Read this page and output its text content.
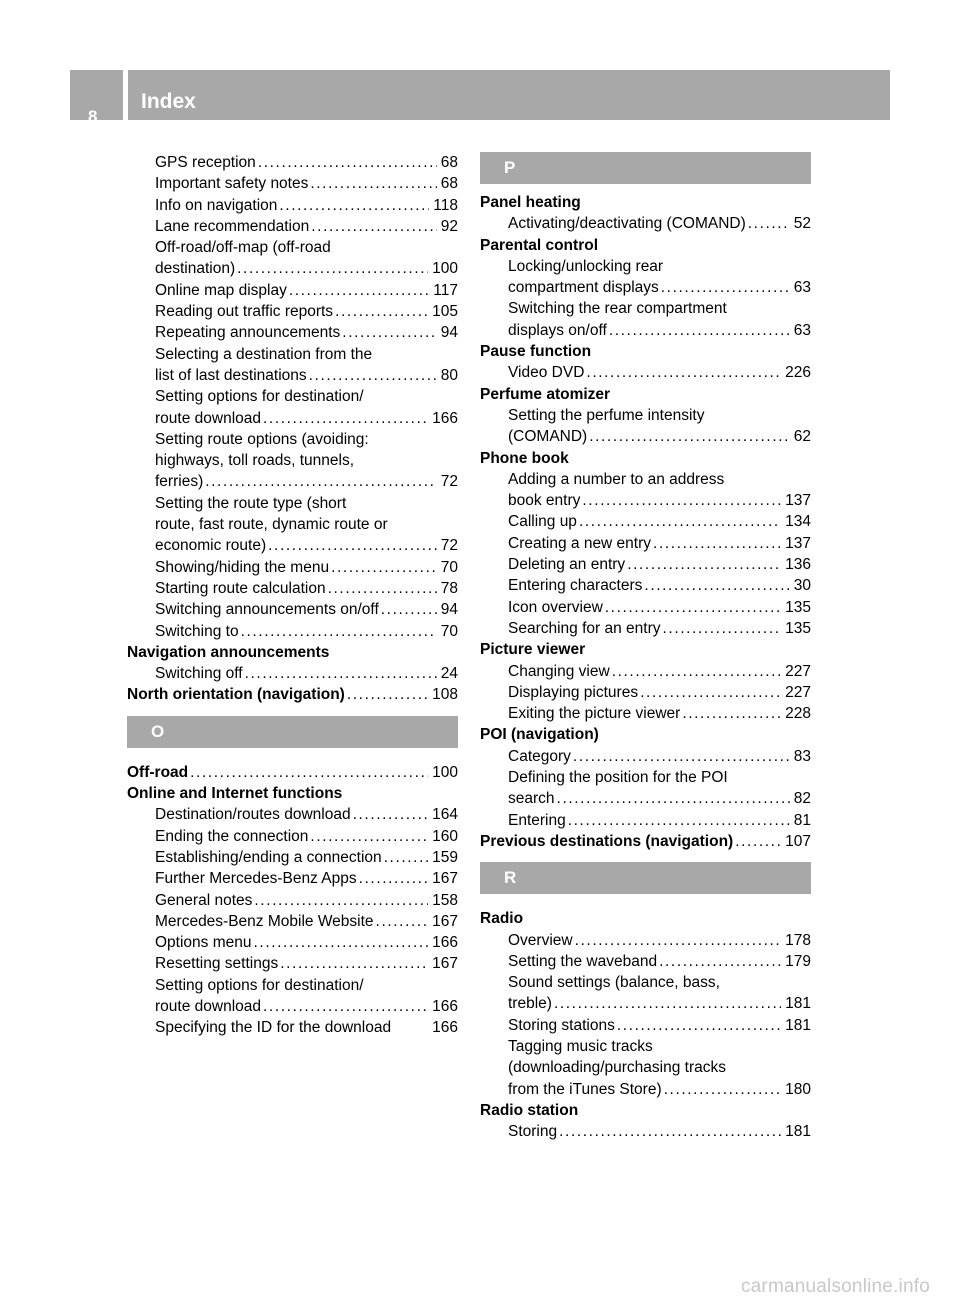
8
Index
GPS reception .....	68
Important safety notes .....	68
Info on navigation .....	118
Lane recommendation .....	92
Off-road/off-map (off-road
destination) .....	100
Online map display .....	117
Reading out traffic reports .....	105
Repeating announcements .....	94
Selecting a destination from the
list of last destinations .....	80
Setting options for destination/
route download .....	166
Setting route options (avoiding:
highways, toll roads, tunnels,
ferries) .....	72
Setting the route type (short
route, fast route, dynamic route or
economic route) .....	72
Showing/hiding the menu .....	70
Starting route calculation .....	78
Switching announcements on/off .....	94
Switching to .....	70
Navigation announcements
Switching off .....	24
North orientation (navigation) .....	108
O
Off-road .....	100
Online and Internet functions
Destination/routes download .....	164
Ending the connection .....	160
Establishing/ending a connection .....	159
Further Mercedes-Benz Apps .....	167
General notes .....	158
Mercedes-Benz Mobile Website .....	167
Options menu .....	166
Resetting settings .....	167
Setting options for destination/
route download .....	166
Specifying the ID for the download	166
P
Panel heating
Activating/deactivating (COMAND) .....	52
Parental control
Locking/unlocking rear
compartment displays .....	63
Switching the rear compartment
displays on/off .....	63
Pause function
Video DVD .....	226
Perfume atomizer
Setting the perfume intensity
(COMAND) .....	62
Phone book
Adding a number to an address
book entry .....	137
Calling up .....	134
Creating a new entry .....	137
Deleting an entry .....	136
Entering characters .....	30
Icon overview .....	135
Searching for an entry .....	135
Picture viewer
Changing view .....	227
Displaying pictures .....	227
Exiting the picture viewer .....	228
POI (navigation)
Category .....	83
Defining the position for the POI
search .....	82
Entering .....	81
Previous destinations (navigation) .....	107
R
Radio
Overview .....	178
Setting the waveband .....	179
Sound settings (balance, bass,
treble) .....	181
Storing stations .....	181
Tagging music tracks
(downloading/purchasing tracks
from the iTunes Store) .....	180
Radio station
Storing .....	181
carmanualsonline.info
